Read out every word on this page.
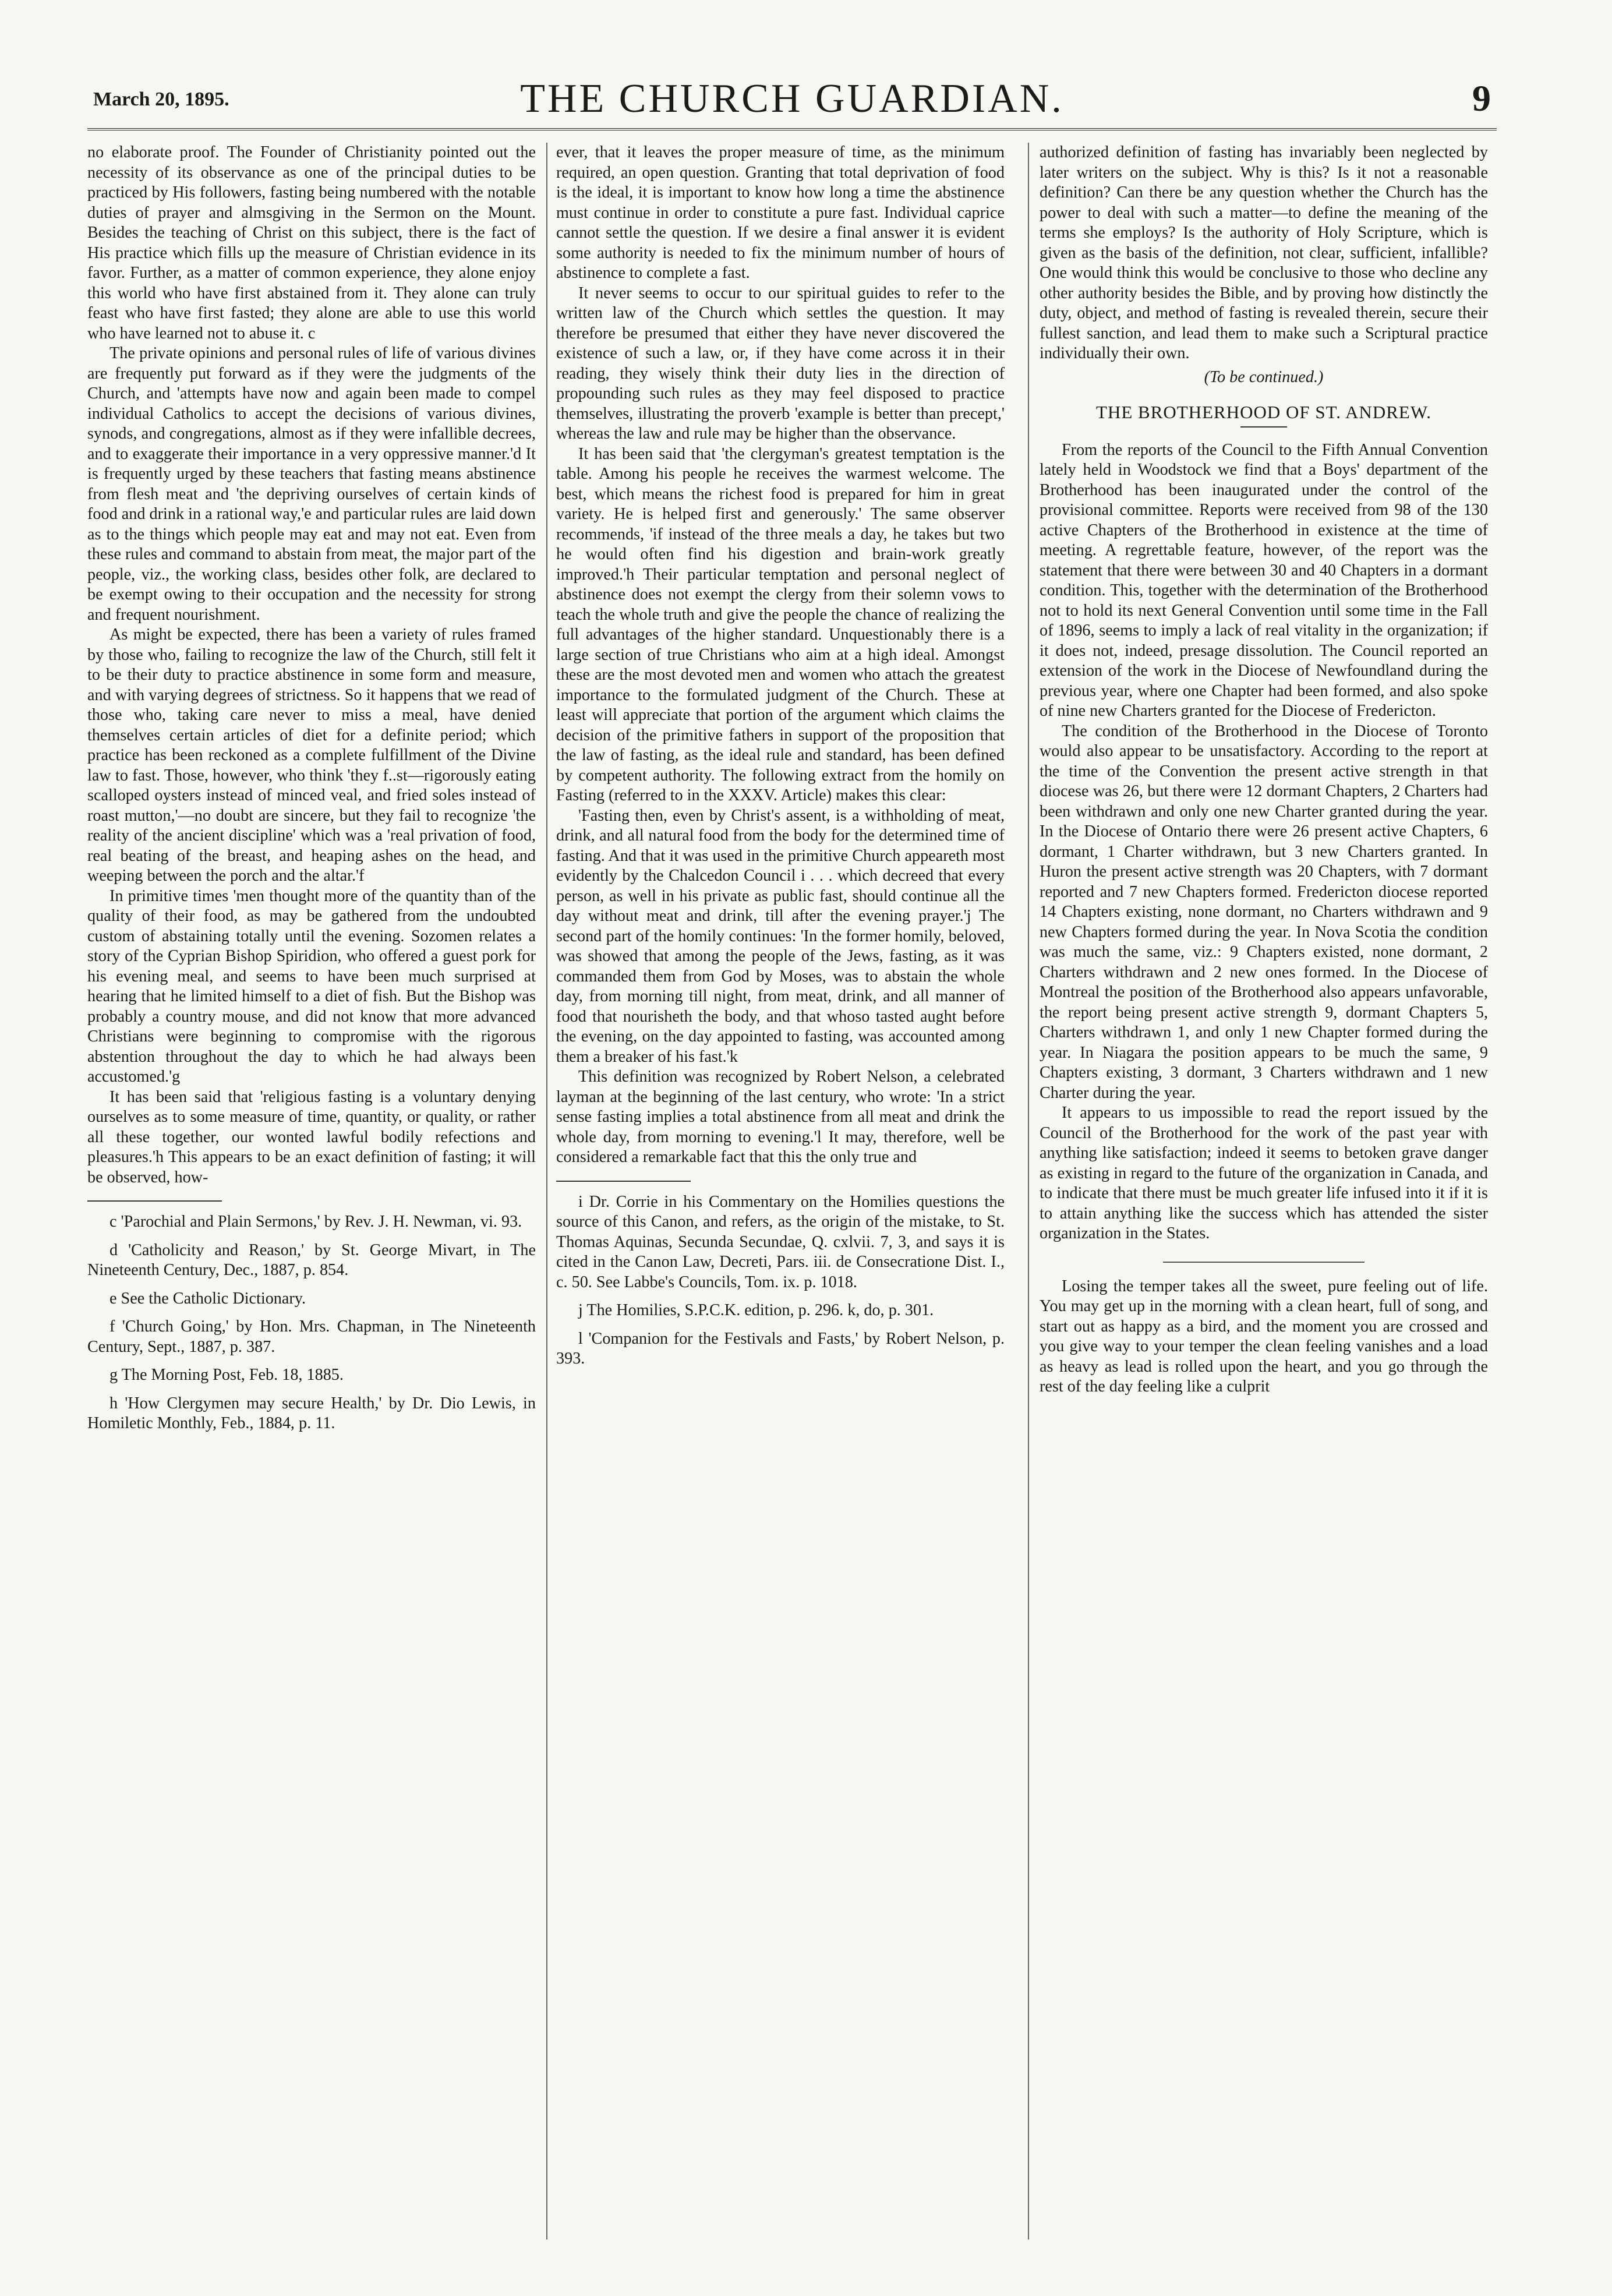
March 20, 1895.	THE CHURCH GUARDIAN.	9

no elaborate proof. The Founder of Christianity pointed out the necessity of its observance as one of the principal duties to be practiced by His followers, fasting being numbered with the notable duties of prayer and almsgiving in the Sermon on the Mount. Besides the teaching of Christ on this subject, there is the fact of His practice which fills up the measure of Christian evidence in its favor. Further, as a matter of common experience, they alone enjoy this world who have first abstained from it. They alone can truly feast who have first fasted; they alone are able to use this world who have learned not to abuse it. c

The private opinions and personal rules of life of various divines are frequently put forward as if they were the judgments of the Church, and 'attempts have now and again been made to compel individual Catholics to accept the decisions of various divines, synods, and congregations, almost as if they were infallible decrees, and to exaggerate their importance in a very oppressive manner.'d It is frequently urged by these teachers that fasting means abstinence from flesh meat and 'the depriving ourselves of certain kinds of food and drink in a rational way,'e and particular rules are laid down as to the things which people may eat and may not eat. Even from these rules and command to abstain from meat, the major part of the people, viz., the working class, besides other folk, are declared to be exempt owing to their occupation and the necessity for strong and frequent nourishment.

As might be expected, there has been a variety of rules framed by those who, failing to recognize the law of the Church, still felt it to be their duty to practice abstinence in some form and measure, and with varying degrees of strictness. So it happens that we read of those who, taking care never to miss a meal, have denied themselves certain articles of diet for a definite period; which practice has been reckoned as a complete fulfillment of the Divine law to fast. Those, however, who think 'they f..st—rigorously eating scalloped oysters instead of minced veal, and fried soles instead of roast mutton,'—no doubt are sincere, but they fail to recognize 'the reality of the ancient discipline' which was a 'real privation of food, real beating of the breast, and heaping ashes on the head, and weeping between the porch and the altar.'f

In primitive times 'men thought more of the quantity than of the quality of their food, as may be gathered from the undoubted custom of abstaining totally until the evening. Sozomen relates a story of the Cyprian Bishop Spiridion, who offered a guest pork for his evening meal, and seems to have been much surprised at hearing that he limited himself to a diet of fish. But the Bishop was probably a country mouse, and did not know that more advanced Christians were beginning to compromise with the rigorous abstention throughout the day to which he had always been accustomed.'g

It has been said that 'religious fasting is a voluntary denying ourselves as to some measure of time, quantity, or quality, or rather all these together, our wonted lawful bodily refections and pleasures.'h This appears to be an exact definition of fasting; it will be observed, how-

c 'Parochial and Plain Sermons,' by Rev. J. H. Newman, vi. 93.

d 'Catholicity and Reason,' by St. George Mivart, in The Nineteenth Century, Dec., 1887, p. 854.

e See the Catholic Dictionary.

f 'Church Going,' by Hon. Mrs. Chapman, in The Nineteenth Century, Sept., 1887, p. 387.

g The Morning Post, Feb. 18, 1885.

h 'How Clergymen may secure Health,' by Dr. Dio Lewis, in Homiletic Monthly, Feb., 1884, p. 11.

ever, that it leaves the proper measure of time, as the minimum required, an open question. Granting that total deprivation of food is the ideal, it is important to know how long a time the abstinence must continue in order to constitute a pure fast. Individual caprice cannot settle the question. If we desire a final answer it is evident some authority is needed to fix the minimum number of hours of abstinence to complete a fast.

It never seems to occur to our spiritual guides to refer to the written law of the Church which settles the question. It may therefore be presumed that either they have never discovered the existence of such a law, or, if they have come across it in their reading, they wisely think their duty lies in the direction of propounding such rules as they may feel disposed to practice themselves, illustrating the proverb 'example is better than precept,' whereas the law and rule may be higher than the observance.

It has been said that 'the clergyman's greatest temptation is the table. Among his people he receives the warmest welcome. The best, which means the richest food is prepared for him in great variety. He is helped first and generously.' The same observer recommends, 'if instead of the three meals a day, he takes but two he would often find his digestion and brain-work greatly improved.'h Their particular temptation and personal neglect of abstinence does not exempt the clergy from their solemn vows to teach the whole truth and give the people the chance of realizing the full advantages of the higher standard. Unquestionably there is a large section of true Christians who aim at a high ideal. Amongst these are the most devoted men and women who attach the greatest importance to the formulated judgment of the Church. These at least will appreciate that portion of the argument which claims the decision of the primitive fathers in support of the proposition that the law of fasting, as the ideal rule and standard, has been defined by competent authority. The following extract from the homily on Fasting (referred to in the XXXV. Article) makes this clear:

'Fasting then, even by Christ's assent, is a withholding of meat, drink, and all natural food from the body for the determined time of fasting. And that it was used in the primitive Church appeareth most evidently by the Chalcedon Council i . . . which decreed that every person, as well in his private as public fast, should continue all the day without meat and drink, till after the evening prayer.'j The second part of the homily continues: 'In the former homily, beloved, was showed that among the people of the Jews, fasting, as it was commanded them from God by Moses, was to abstain the whole day, from morning till night, from meat, drink, and all manner of food that nourisheth the body, and that whoso tasted aught before the evening, on the day appointed to fasting, was accounted among them a breaker of his fast.'k

This definition was recognized by Robert Nelson, a celebrated layman at the beginning of the last century, who wrote: 'In a strict sense fasting implies a total abstinence from all meat and drink the whole day, from morning to evening.'l It may, therefore, well be considered a remarkable fact that this the only true and

i Dr. Corrie in his Commentary on the Homilies questions the source of this Canon, and refers, as the origin of the mistake, to St. Thomas Aquinas, Secunda Secundae, Q. cxlvii. 7, 3, and says it is cited in the Canon Law, Decreti, Pars. iii. de Consecratione Dist. I., c. 50. See Labbe's Councils, Tom. ix. p. 1018.

j The Homilies, S.P.C.K. edition, p. 296. k, do, p. 301.

l 'Companion for the Festivals and Fasts,' by Robert Nelson, p. 393.

authorized definition of fasting has invariably been neglected by later writers on the subject. Why is this? Is it not a reasonable definition? Can there be any question whether the Church has the power to deal with such a matter—to define the meaning of the terms she employs? Is the authority of Holy Scripture, which is given as the basis of the definition, not clear, sufficient, infallible? One would think this would be conclusive to those who decline any other authority besides the Bible, and by proving how distinctly the duty, object, and method of fasting is revealed therein, secure their fullest sanction, and lead them to make such a Scriptural practice individually their own.

(To be continued.)

THE BROTHERHOOD OF ST. ANDREW.

From the reports of the Council to the Fifth Annual Convention lately held in Woodstock we find that a Boys' department of the Brotherhood has been inaugurated under the control of the provisional committee. Reports were received from 98 of the 130 active Chapters of the Brotherhood in existence at the time of meeting. A regrettable feature, however, of the report was the statement that there were between 30 and 40 Chapters in a dormant condition. This, together with the determination of the Brotherhood not to hold its next General Convention until some time in the Fall of 1896, seems to imply a lack of real vitality in the organization; if it does not, indeed, presage dissolution. The Council reported an extension of the work in the Diocese of Newfoundland during the previous year, where one Chapter had been formed, and also spoke of nine new Charters granted for the Diocese of Fredericton.

The condition of the Brotherhood in the Diocese of Toronto would also appear to be unsatisfactory. According to the report at the time of the Convention the present active strength in that diocese was 26, but there were 12 dormant Chapters, 2 Charters had been withdrawn and only one new Charter granted during the year. In the Diocese of Ontario there were 26 present active Chapters, 6 dormant, 1 Charter withdrawn, but 3 new Charters granted. In Huron the present active strength was 20 Chapters, with 7 dormant reported and 7 new Chapters formed. Fredericton diocese reported 14 Chapters existing, none dormant, no Charters withdrawn and 9 new Chapters formed during the year. In Nova Scotia the condition was much the same, viz.: 9 Chapters existed, none dormant, 2 Charters withdrawn and 2 new ones formed. In the Diocese of Montreal the position of the Brotherhood also appears unfavorable, the report being present active strength 9, dormant Chapters 5, Charters withdrawn 1, and only 1 new Chapter formed during the year. In Niagara the position appears to be much the same, 9 Chapters existing, 3 dormant, 3 Charters withdrawn and 1 new Charter during the year.

It appears to us impossible to read the report issued by the Council of the Brotherhood for the work of the past year with anything like satisfaction; indeed it seems to betoken grave danger as existing in regard to the future of the organization in Canada, and to indicate that there must be much greater life infused into it if it is to attain anything like the success which has attended the sister organization in the States.

Losing the temper takes all the sweet, pure feeling out of life. You may get up in the morning with a clean heart, full of song, and start out as happy as a bird, and the moment you are crossed and you give way to your temper the clean feeling vanishes and a load as heavy as lead is rolled upon the heart, and you go through the rest of the day feeling like a culprit
